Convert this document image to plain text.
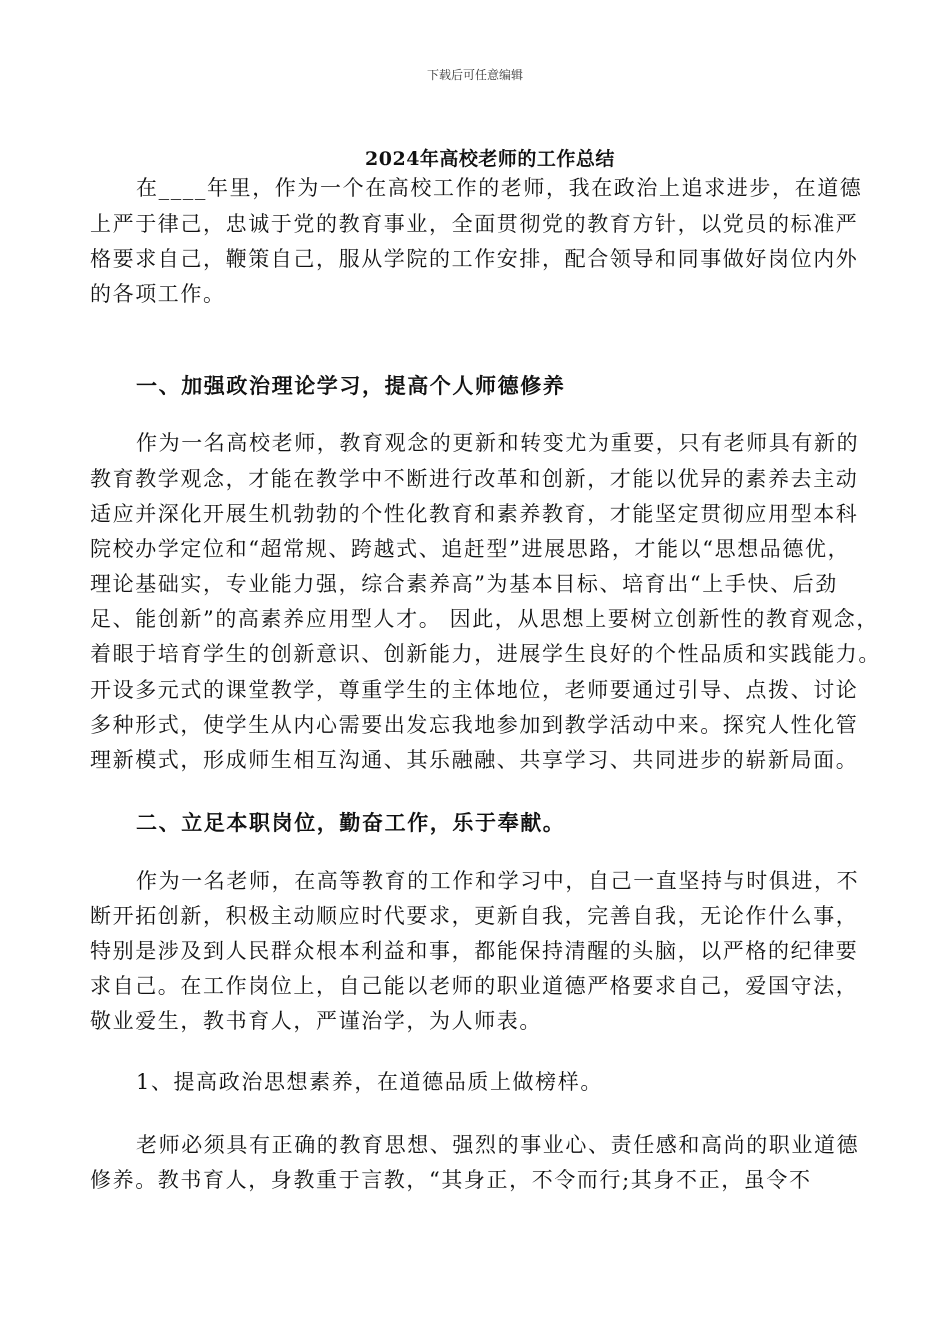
下载后可任意编辑
2024年高校老师的工作总结
在____年里，作为一个在高校工作的老师，我在政治上追求进步，在道德
上严于律己，忠诚于党的教育事业，全面贯彻党的教育方针，以党员的标准严
格要求自己，鞭策自己，服从学院的工作安排，配合领导和同事做好岗位内外
的各项工作。
一、加强政治理论学习，提高个人师德修养
作为一名高校老师，教育观念的更新和转变尤为重要，只有老师具有新的
教育教学观念，才能在教学中不断进行改革和创新，才能以优异的素养去主动
适应并深化开展生机勃勃的个性化教育和素养教育，才能坚定贯彻应用型本科
院校办学定位和“超常规、跨越式、追赶型”进展思路，才能以“思想品德优，
理论基础实，专业能力强，综合素养高”为基本目标、培育出“上手快、后劲
足、能创新”的高素养应用型人才。 因此，从思想上要树立创新性的教育观念，
着眼于培育学生的创新意识、创新能力，进展学生良好的个性品质和实践能力。
开设多元式的课堂教学，尊重学生的主体地位，老师要通过引导、点拨、讨论
多种形式，使学生从内心需要出发忘我地参加到教学活动中来。探究人性化管
理新模式，形成师生相互沟通、其乐融融、共享学习、共同进步的崭新局面。
二、立足本职岗位，勤奋工作，乐于奉献。
作为一名老师，在高等教育的工作和学习中，自己一直坚持与时俱进，不
断开拓创新，积极主动顺应时代要求，更新自我，完善自我，无论作什么事，
特别是涉及到人民群众根本利益和事，都能保持清醒的头脑，以严格的纪律要
求自己。在工作岗位上，自己能以老师的职业道德严格要求自己，爱国守法，
敬业爱生，教书育人，严谨治学，为人师表。
1、提高政治思想素养，在道德品质上做榜样。
老师必须具有正确的教育思想、强烈的事业心、责任感和高尚的职业道德
修养。教书育人，身教重于言教，“其身正，不令而行;其身不正，虽令不
